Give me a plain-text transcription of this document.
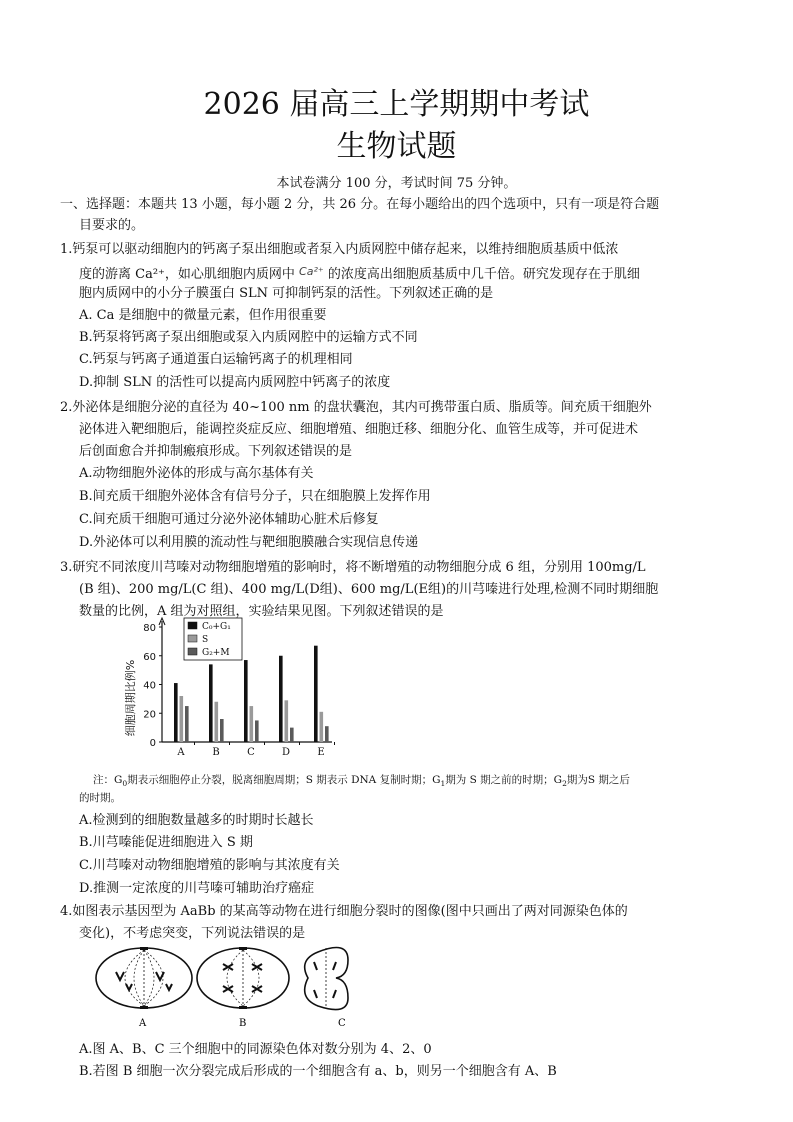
2026 届高三上学期期中考试
生物试题
本试卷满分 100 分，考试时间 75 分钟。
一、选择题：本题共 13 小题，每小题 2 分，共 26 分。在每小题给出的四个选项中，只有一项是符合题
目要求的。
1.钙泵可以驱动细胞内的钙离子泵出细胞或者泵入内质网腔中储存起来，以维持细胞质基质中低浓
度的游离 Ca²⁺，如心肌细胞内质网中 Ca²⁺ 的浓度高出细胞质基质中几千倍。研究发现存在于肌细
胞内质网中的小分子膜蛋白 SLN 可抑制钙泵的活性。下列叙述正确的是
A. Ca 是细胞中的微量元素，但作用很重要
B.钙泵将钙离子泵出细胞或泵入内质网腔中的运输方式不同
C.钙泵与钙离子通道蛋白运输钙离子的机理相同
D.抑制 SLN 的活性可以提高内质网腔中钙离子的浓度
2.外泌体是细胞分泌的直径为 40~100 nm 的盘状囊泡，其内可携带蛋白质、脂质等。间充质干细胞外
泌体进入靶细胞后，能调控炎症反应、细胞增殖、细胞迁移、细胞分化、血管生成等，并可促进术
后创面愈合并抑制瘢痕形成。下列叙述错误的是
A.动物细胞外泌体的形成与高尔基体有关
B.间充质干细胞外泌体含有信号分子，只在细胞膜上发挥作用
C.间充质干细胞可通过分泌外泌体辅助心脏术后修复
D.外泌体可以利用膜的流动性与靶细胞膜融合实现信息传递
3.研究不同浓度川芎嗪对动物细胞增殖的影响时，将不断增殖的动物细胞分成 6 组，分别用 100mg/L
(B 组)、200 mg/L(C 组)、400 mg/L(D组)、600 mg/L(E组)的川芎嗪进行处理,检测不同时期细胞
数量的比例，A 组为对照组，实验结果见图。下列叙述错误的是
细胞周期比例%
0
20
40
60
80
A	B	C	D	E
C₀+G₁
S
G₂+M
注：$G_0$期表示细胞停止分裂，脱离细胞周期；S 期表示 DNA 复制时期；$G_1$期为 S 期之前的时期；$G_2$期为S 期之后
的时期。
A.检测到的细胞数量越多的时期时长越长
B.川芎嗪能促进细胞进入 S 期
C.川芎嗪对动物细胞增殖的影响与其浓度有关
D.推测一定浓度的川芎嗪可辅助治疗癌症
4.如图表示基因型为 AaBb 的某高等动物在进行细胞分裂时的图像(图中只画出了两对同源染色体的
变化)，不考虑突变，下列说法错误的是
A	B	C
A.图 A、B、C 三个细胞中的同源染色体对数分别为 4、2、0
B.若图 B 细胞一次分裂完成后形成的一个细胞含有 a、b，则另一个细胞含有 A、B
